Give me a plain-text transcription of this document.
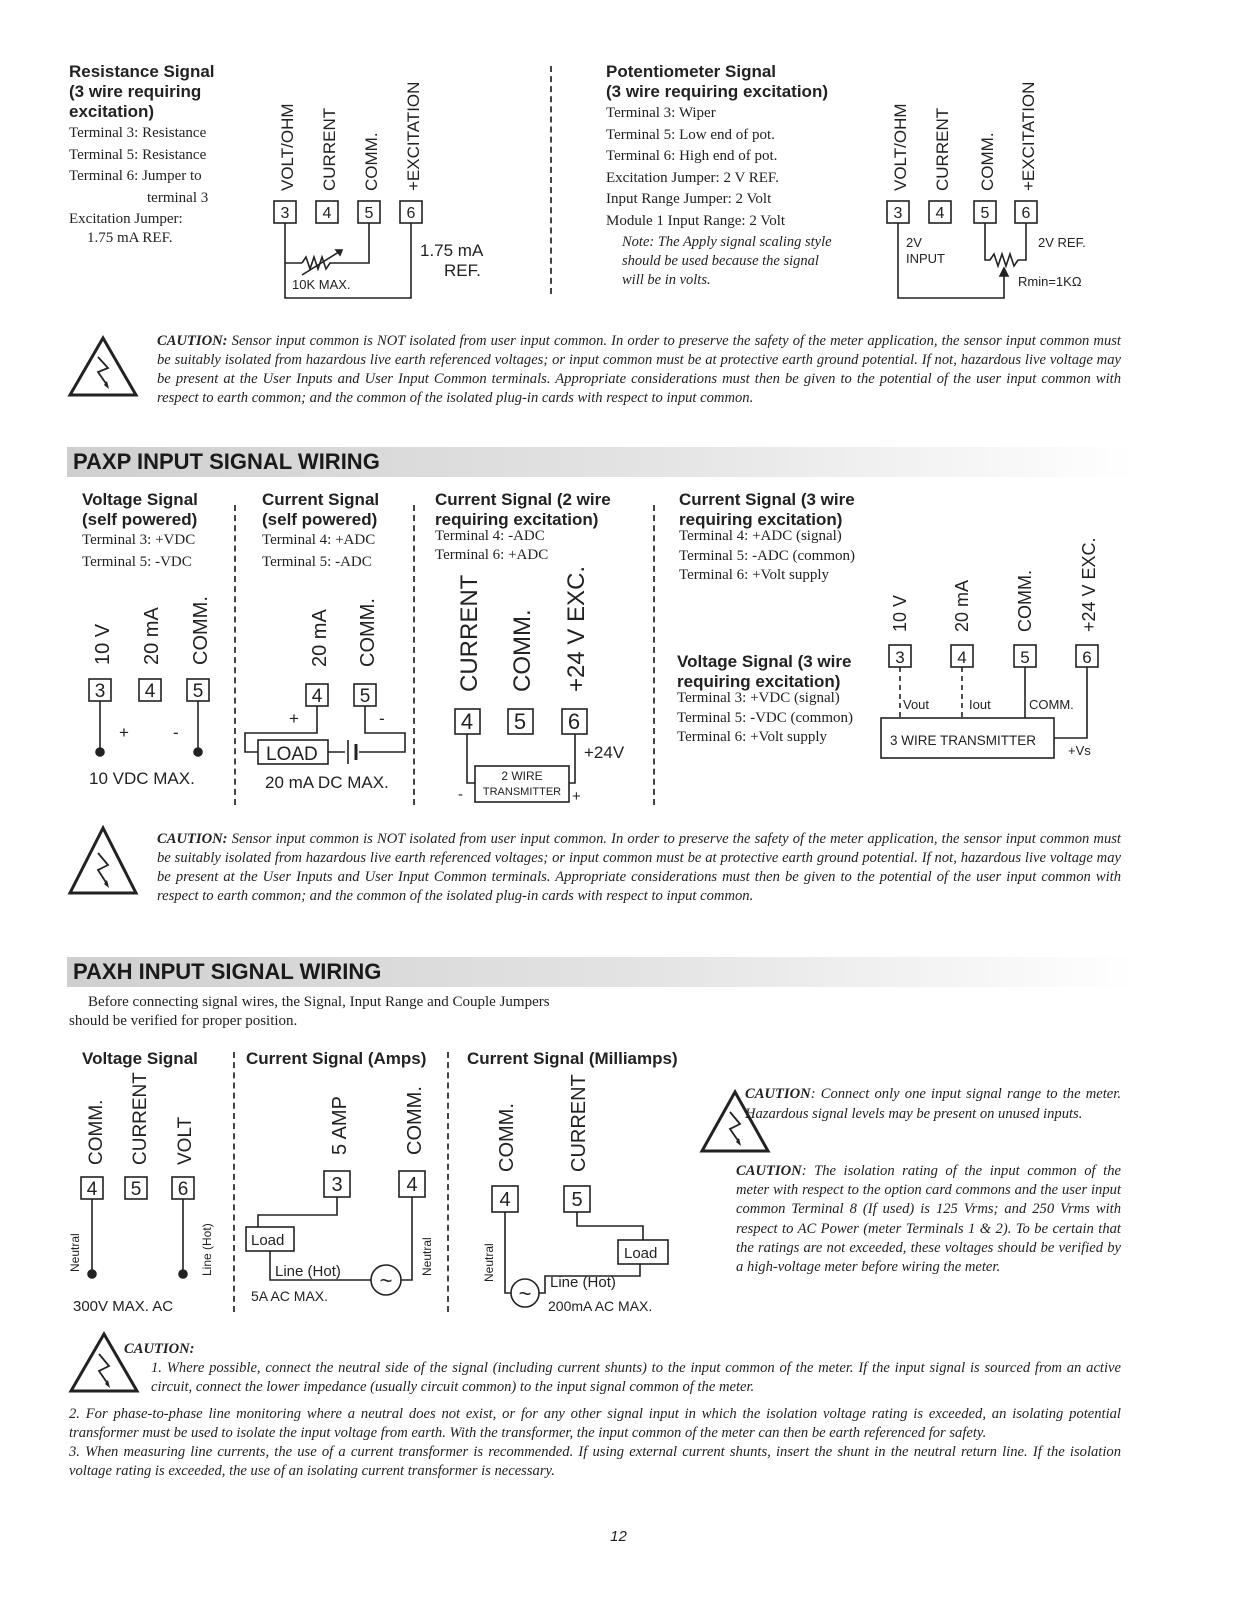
Resistance Signal
(3 wire requiring
excitation)
Terminal 3: Resistance
Terminal 5: Resistance
Terminal 6: Jumper to
terminal 3
Excitation Jumper:
1.75 mA REF.
Potentiometer Signal
(3 wire requiring excitation)
Terminal 3: Wiper
Terminal 5: Low end of pot.
Terminal 6: High end of pot.
Excitation Jumper: 2 V REF.
Input Range Jumper: 2 Volt
Module 1 Input Range: 2 Volt
Note: The Apply signal scaling style
should be used because the signal
will be in volts.
CAUTION: Sensor input common is NOT isolated from user input common. In order to preserve the safety of the meter application, the sensor input common must be suitably isolated from hazardous live earth referenced voltages; or input common must be at protective earth ground potential. If not, hazardous live voltage may be present at the User Inputs and User Input Common terminals. Appropriate considerations must then be given to the potential of the user input common with respect to earth common; and the common of the isolated plug-in cards with respect to input common.
PAXP INPUT SIGNAL WIRING
Voltage Signal
(self powered)
Terminal 3: +VDC
Terminal 5: -VDC
Current Signal
(self powered)
Terminal 4: +ADC
Terminal 5: -ADC
Current Signal (2 wire
requiring excitation)
Terminal 4: -ADC
Terminal 6: +ADC
Current Signal (3 wire
requiring excitation)
Terminal 4: +ADC (signal)
Terminal 5: -ADC (common)
Terminal 6: +Volt supply
Voltage Signal (3 wire
requiring excitation)
Terminal 3: +VDC (signal)
Terminal 5: -VDC (common)
Terminal 6: +Volt supply
CAUTION: Sensor input common is NOT isolated from user input common. In order to preserve the safety of the meter application, the sensor input common must be suitably isolated from hazardous live earth referenced voltages; or input common must be at protective earth ground potential. If not, hazardous live voltage may be present at the User Inputs and User Input Common terminals. Appropriate considerations must then be given to the potential of the user input common with respect to earth common; and the common of the isolated plug-in cards with respect to input common.
PAXH INPUT SIGNAL WIRING
Before connecting signal wires, the Signal, Input Range and Couple Jumpers
should be verified for proper position.
Voltage Signal	Current Signal (Amps) Current Signal (Milliamps)
CAUTION: Connect only one input signal range to the meter. Hazardous signal levels may be present on unused inputs.
CAUTION: The isolation rating of the input common of the meter with respect to the option card commons and the user input common Terminal 8 (If used) is 125 Vrms; and 250 Vrms with respect to AC Power (meter Terminals 1 & 2). To be certain that the ratings are not exceeded, these voltages should be verified by a high-voltage meter before wiring the meter.
CAUTION:
1. Where possible, connect the neutral side of the signal (including current shunts) to the input common of the meter. If the input signal is sourced from an active circuit, connect the lower impedance (usually circuit common) to the input signal common of the meter.
2. For phase-to-phase line monitoring where a neutral does not exist, or for any other signal input in which the isolation voltage rating is exceeded, an isolating potential transformer must be used to isolate the input voltage from earth. With the transformer, the input common of the meter can then be earth referenced for safety.
3. When measuring line currents, the use of a current transformer is recommended. If using external current shunts, insert the shunt in the neutral return line. If the isolation voltage rating is exceeded, the use of an isolating current transformer is necessary.
12
~
~
VOLT/OHM CURRENT COMM. +EXCITATION	VOLT/OHM CURRENT COMM. +EXCITATION
3 4 5 6	3 4 5 6
1.75 mA
REF.
10K MAX.
2V
INPUT
2V REF.
Rmin=1KΩ
10 V 20 mA COMM.	20 mA COMM.	CURRENT COMM. +24 V EXC.	10 V 20 mA COMM. +24 V EXC.
3 4 5	4 5
4 5 6
3	4	5	6
+	-
10 VDC MAX.
+	-
LOAD
20 mA DC MAX.
+24V
2 WIRE
TRANSMITTER
-	+
Vout	Iout	COMM.
3 WIRE TRANSMITTER
+Vs
COMM. CURRENT VOLT	5 AMP	COMM.	COMM.	CURRENT
4 5 6	3	4
4	5
Neutral	Line (Hot)	Neutral	Neutral
300V MAX. AC
Load
Line (Hot)
5A AC MAX.
Load
Line (Hot)
200mA AC MAX.
